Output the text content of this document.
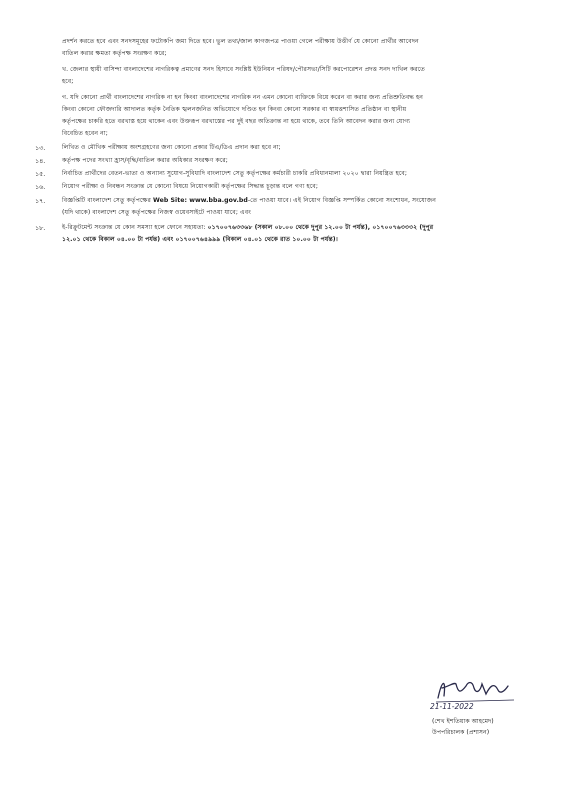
প্রদর্শন করতে হবে এবং সনদসমূহের ফটোকপি জমা দিতে হবে। ভুল তথ্য/জাল কাগজপত্র পাওয়া গেলে পরীক্ষায় উত্তীর্ণ যে কোনো প্রার্থীর আবেদন
বাতিল করার ক্ষমতা কর্তৃপক্ষ সংরক্ষণ করে;
খ. জেলার স্থায়ী বাসিন্দা বাংলাদেশের নাগরিকত্ব প্রমাণের সনদ হিসাবে সংশ্লিষ্ট ইউনিয়ন পরিষদ/পৌরসভা/সিটি করপোরেশন প্রদত্ত সনদ দাখিল করতে
হবে;
গ. যদি কোনো প্রার্থী বাংলাদেশের নাগরিক না হন কিংবা বাংলাদেশের নাগরিক নন এমন কোনো ব্যক্তিকে বিয়ে করেন বা করার জন্য প্রতিশ্রুতিবদ্ধ হন
কিংবা কোনো ফৌজদারি আদালত কর্তৃক নৈতিক স্খলনজনিত অভিযোগে দণ্ডিত হন কিংবা কোনো সরকার বা স্বায়ত্তশাসিত প্রতিষ্ঠান বা স্থানীয়
কর্তৃপক্ষের চাকরি হতে বরখাস্ত হয়ে থাকেন এবং উক্তরূপ বরখাস্তের পর দুই বছর অতিক্রান্ত না হয়ে থাকে, তবে তিনি আবেদন করার জন্য যোগ্য
বিবেচিত হবেন না;
১৩.	লিখিত ও মৌখিক পরীক্ষায় অংশগ্রহণের জন্য কোনো প্রকার টিএ/ডিএ প্রদান করা হবে না;
১৪.	কর্তৃপক্ষ পদের সংখ্যা হ্রাস/বৃদ্ধি/বাতিল করার অধিকার সংরক্ষণ করে;
১৫.	নির্বাচিত প্রার্থীদের বেতন-ভাতা ও অন্যান্য সুযোগ-সুবিধাদি বাংলাদেশ সেতু কর্তৃপক্ষের কর্মচারী চাকরি প্রবিধানমালা ২০২০ দ্বারা নিয়ন্ত্রিত হবে;
১৬.	নিয়োগ পরীক্ষা ও নিবন্ধন সংক্রান্ত যে কোনো বিষয়ে নিয়োগকারী কর্তৃপক্ষের সিদ্ধান্ত চূড়ান্ত বলে গণ্য হবে;
১৭.	বিজ্ঞপ্তিটি বাংলাদেশ সেতু কর্তৃপক্ষের Web Site: www.bba.gov.bd-তে পাওয়া যাবে। এই নিয়োগ বিজ্ঞপ্তি সম্পর্কিত কোনো সংশোধন, সংযোজন
(যদি থাকে) বাংলাদেশ সেতু কর্তৃপক্ষের নিজস্ব ওয়েবসাইটে পাওয়া যাবে; এবং
১৮.	ই-রিক্রুটমেন্ট সংক্রান্ত যে কোন সমস্যা হলে ফোনে সহায়তা: ০১৭০০৭৬৩৩৬৮ (সকাল ০৮.০০ থেকে দুপুর ১২.০০ টা পর্যন্ত), ০১৭০০৭৬৩৩৩২ (দুপুর
১২.০১ থেকে বিকাল ০৪.০০ টা পর্যন্ত) এবং ০১৭০০৭৬৪৯৯৯ (বিকাল ০৪.০১ থেকে রাত ১০.০০ টা পর্যন্ত)।
21-11-2022
(শেখ ইশতিয়াক আহমেদ)
উপপরিচালক (প্রশাসন)
